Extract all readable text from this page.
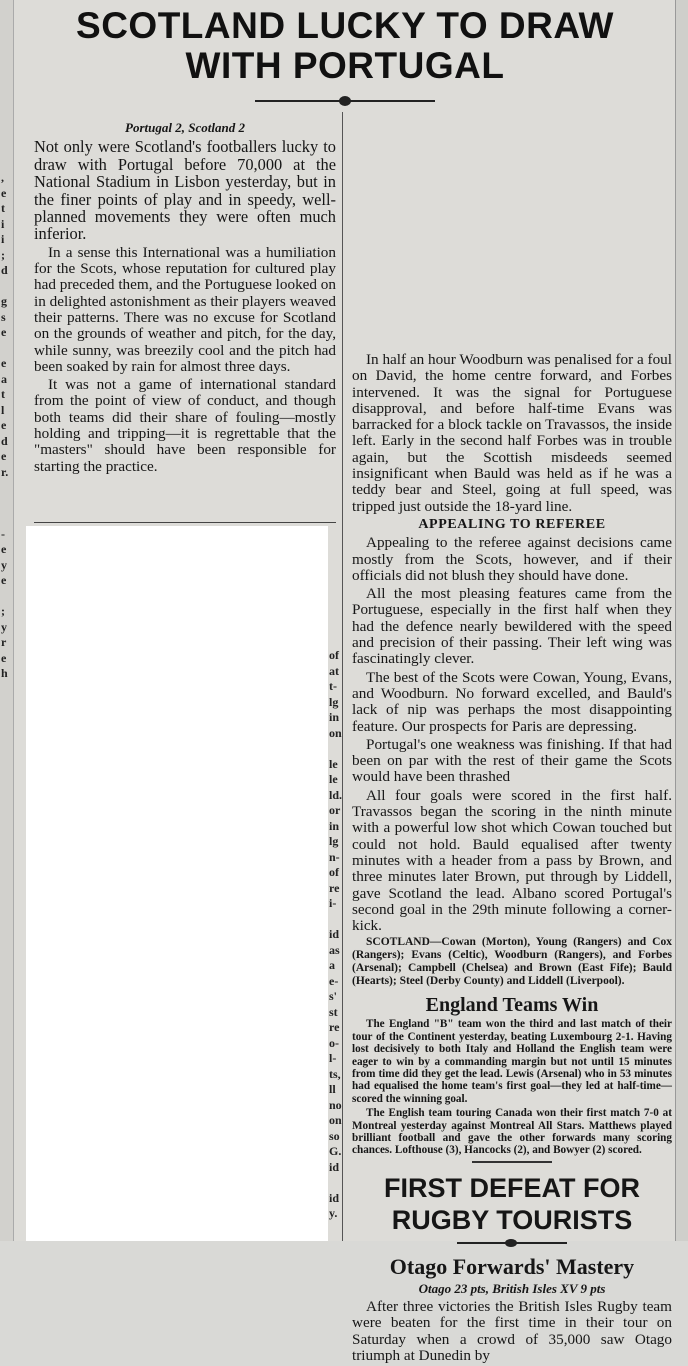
SCOTLAND LUCKY TO DRAW
WITH PORTUGAL

Portugal 2, Scotland 2

Not only were Scotland's footballers lucky to draw with Portugal before 70,000 at the National Stadium in Lisbon yesterday, but in the finer points of play and in speedy, well-planned movements they were often much inferior.

In a sense this International was a humiliation for the Scots, whose reputation for cultured play had preceded them, and the Portuguese looked on in delighted astonishment as their players weaved their patterns. There was no excuse for Scotland on the grounds of weather and pitch, for the day, while sunny, was breezily cool and the pitch had been soaked by rain for almost three days.

It was not a game of international standard from the point of view of conduct, and though both teams did their share of fouling—mostly holding and tripping—it is regrettable that the "masters" should have been responsible for starting the practice.

In half an hour Woodburn was penalised for a foul on David, the home centre forward, and Forbes intervened. It was the signal for Portuguese disapproval, and before half-time Evans was barracked for a block tackle on Travassos, the inside left. Early in the second half Forbes was in trouble again, but the Scottish misdeeds seemed insignificant when Bauld was held as if he was a teddy bear and Steel, going at full speed, was tripped just outside the 18-yard line.

APPEALING TO REFEREE

Appealing to the referee against decisions came mostly from the Scots, however, and if their officials did not blush they should have done.

All the most pleasing features came from the Portuguese, especially in the first half when they had the defence nearly bewildered with the speed and precision of their passing. Their left wing was fascinatingly clever.

The best of the Scots were Cowan, Young, Evans, and Woodburn. No forward excelled, and Bauld's lack of nip was perhaps the most disappointing feature. Our prospects for Paris are depressing.

Portugal's one weakness was finishing. If that had been on par with the rest of their game the Scots would have been thrashed

All four goals were scored in the first half. Travassos began the scoring in the ninth minute with a powerful low shot which Cowan touched but could not hold. Bauld equalised after twenty minutes with a header from a pass by Brown, and three minutes later Brown, put through by Liddell, gave Scotland the lead. Albano scored Portugal's second goal in the 29th minute following a corner-kick.

SCOTLAND—Cowan (Morton), Young (Rangers) and Cox (Rangers); Evans (Celtic), Woodburn (Rangers), and Forbes (Arsenal); Campbell (Chelsea) and Brown (East Fife); Bauld (Hearts); Steel (Derby County) and Liddell (Liverpool).

England Teams Win

The England "B" team won the third and last match of their tour of the Continent yesterday, beating Luxembourg 2-1. Having lost decisively to both Italy and Holland the English team were eager to win by a commanding margin but not until 15 minutes from time did they get the lead. Lewis (Arsenal) who in 53 minutes had equalised the home team's first goal—they led at half-time—scored the winning goal.

The English team touring Canada won their first match 7-0 at Montreal yesterday against Montreal All Stars. Matthews played brilliant football and gave the other forwards many scoring chances. Lofthouse (3), Hancocks (2), and Bowyer (2) scored.

FIRST DEFEAT FOR

RUGBY TOURISTS

Otago Forwards' Mastery

Otago 23 pts, British Isles XV 9 pts

After three victories the British Isles Rugby team were beaten for the first time in their tour on Saturday when a crowd of 35,000 saw Otago triumph at Dunedin by

,
e
t
i
i
;
d

g
s
e

e
a
t
l
e
d
e
r.

-
e
y
e

;
y
r
e
h
of
at
t-
lg
in
on

le
le
ld.
or
in
lg
n-
of
re
i-

id
as
a
e-
s'
st
re
o-
l-
ts,
ll
no
on
so
G.
id

id
y.
